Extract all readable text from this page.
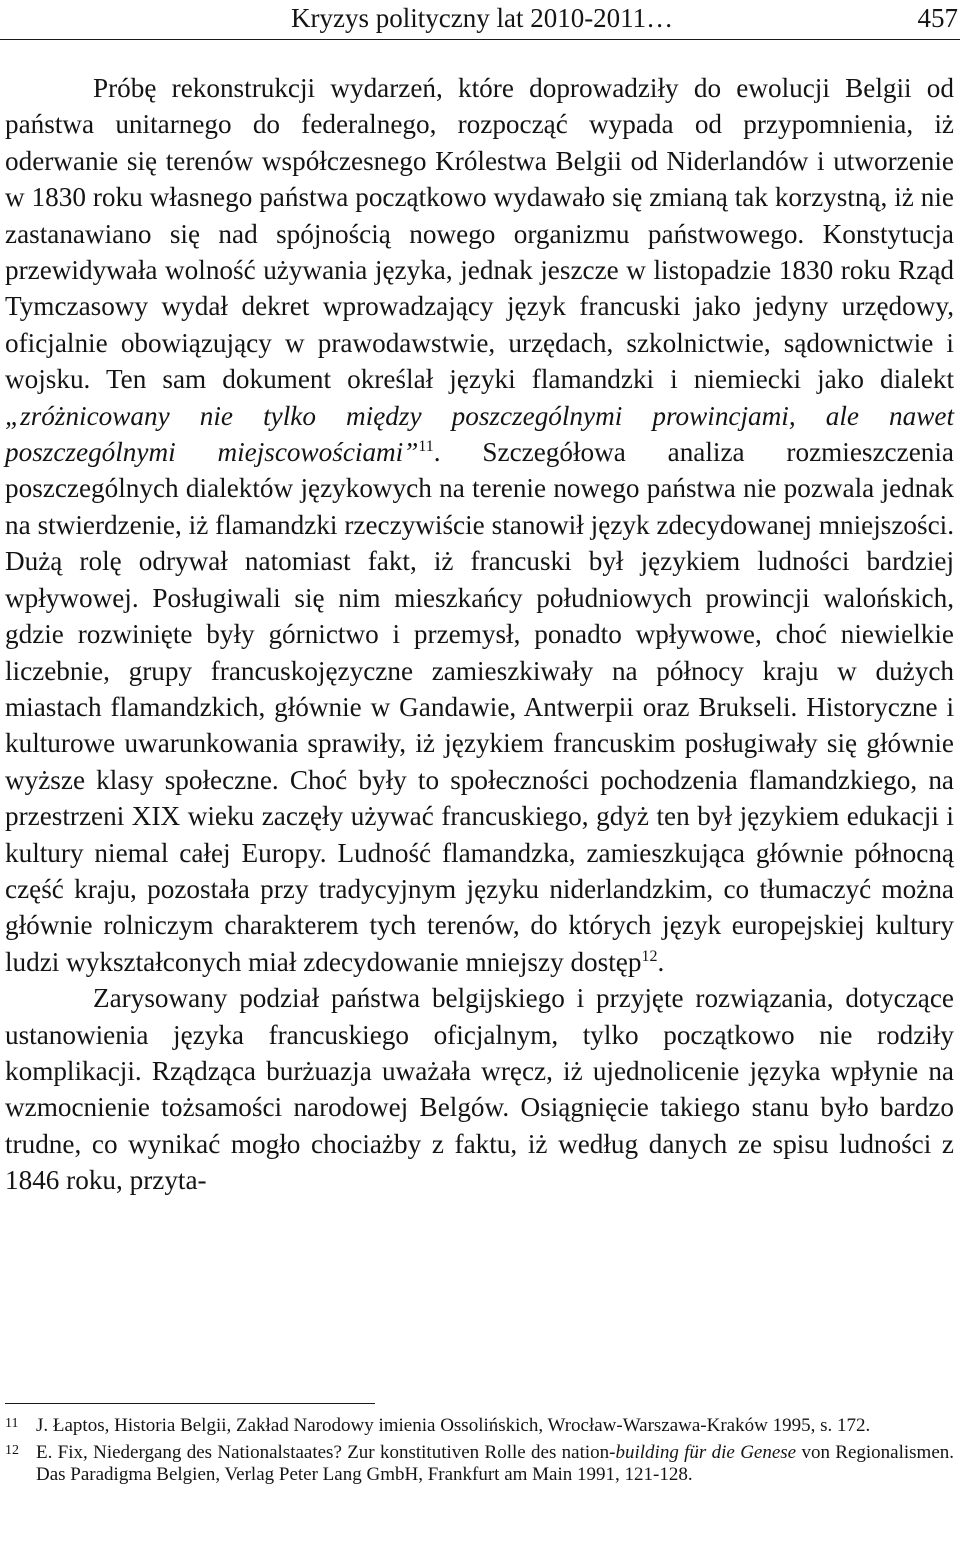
Kryzys polityczny lat 2010-2011…	457

Próbę rekonstrukcji wydarzeń, które doprowadziły do ewolucji Belgii od państwa unitarnego do federalnego, rozpocząć wypada od przypomnienia, iż oderwanie się terenów współczesnego Królestwa Belgii od Niderlandów i utworzenie w 1830 roku własnego państwa początkowo wydawało się zmianą tak korzystną, iż nie zastanawiano się nad spójnością nowego organizmu państwowego. Konstytucja przewidywała wolność używania języka, jednak jeszcze w listopadzie 1830 roku Rząd Tymczasowy wydał dekret wprowadzający język francuski jako jedyny urzędowy, oficjalnie obowiązujący w prawodawstwie, urzędach, szkolnictwie, sądownictwie i wojsku. Ten sam dokument określał języki flamandzki i niemiecki jako dialekt „zróżnicowany nie tylko między poszczególnymi prowincjami, ale nawet poszczególnymi miejscowościami”$^{11}$. Szczegółowa analiza rozmieszczenia poszczególnych dialektów językowych na terenie nowego państwa nie pozwala jednak na stwierdzenie, iż flamandzki rzeczywiście stanowił język zdecydowanej mniejszości. Dużą rolę odrywał natomiast fakt, iż francuski był językiem ludności bardziej wpływowej. Posługiwali się nim mieszkańcy południowych prowincji walońskich, gdzie rozwinięte były górnictwo i przemysł, ponadto wpływowe, choć niewielkie liczebnie, grupy francuskojęzyczne zamieszkiwały na północy kraju w dużych miastach flamandzkich, głównie w Gandawie, Antwerpii oraz Brukseli. Historyczne i kulturowe uwarunkowania sprawiły, iż językiem francuskim posługiwały się głównie wyższe klasy społeczne. Choć były to społeczności pochodzenia flamandzkiego, na przestrzeni XIX wieku zaczęły używać francuskiego, gdyż ten był językiem edukacji i kultury niemal całej Europy. Ludność flamandzka, zamieszkująca głównie północną część kraju, pozostała przy tradycyjnym języku niderlandzkim, co tłumaczyć można głównie rolniczym charakterem tych terenów, do których język europejskiej kultury ludzi wykształconych miał zdecydowanie mniejszy dostęp$^{12}$.

Zarysowany podział państwa belgijskiego i przyjęte rozwiązania, dotyczące ustanowienia języka francuskiego oficjalnym, tylko początkowo nie rodziły komplikacji. Rządząca burżuazja uważała wręcz, iż ujednolicenie języka wpłynie na wzmocnienie tożsamości narodowej Belgów. Osiągnięcie takiego stanu było bardzo trudne, co wynikać mogło chociażby z faktu, iż według danych ze spisu ludności z 1846 roku, przyta-

11 J. Łaptos, Historia Belgii, Zakład Narodowy imienia Ossolińskich, Wrocław-Warszawa-Kraków 1995, s. 172.
12 E. Fix, Niedergang des Nationalstaates? Zur konstitutiven Rolle des nation-building für die Genese von Regionalismen. Das Paradigma Belgien, Verlag Peter Lang GmbH, Frankfurt am Main 1991, 121-128.
